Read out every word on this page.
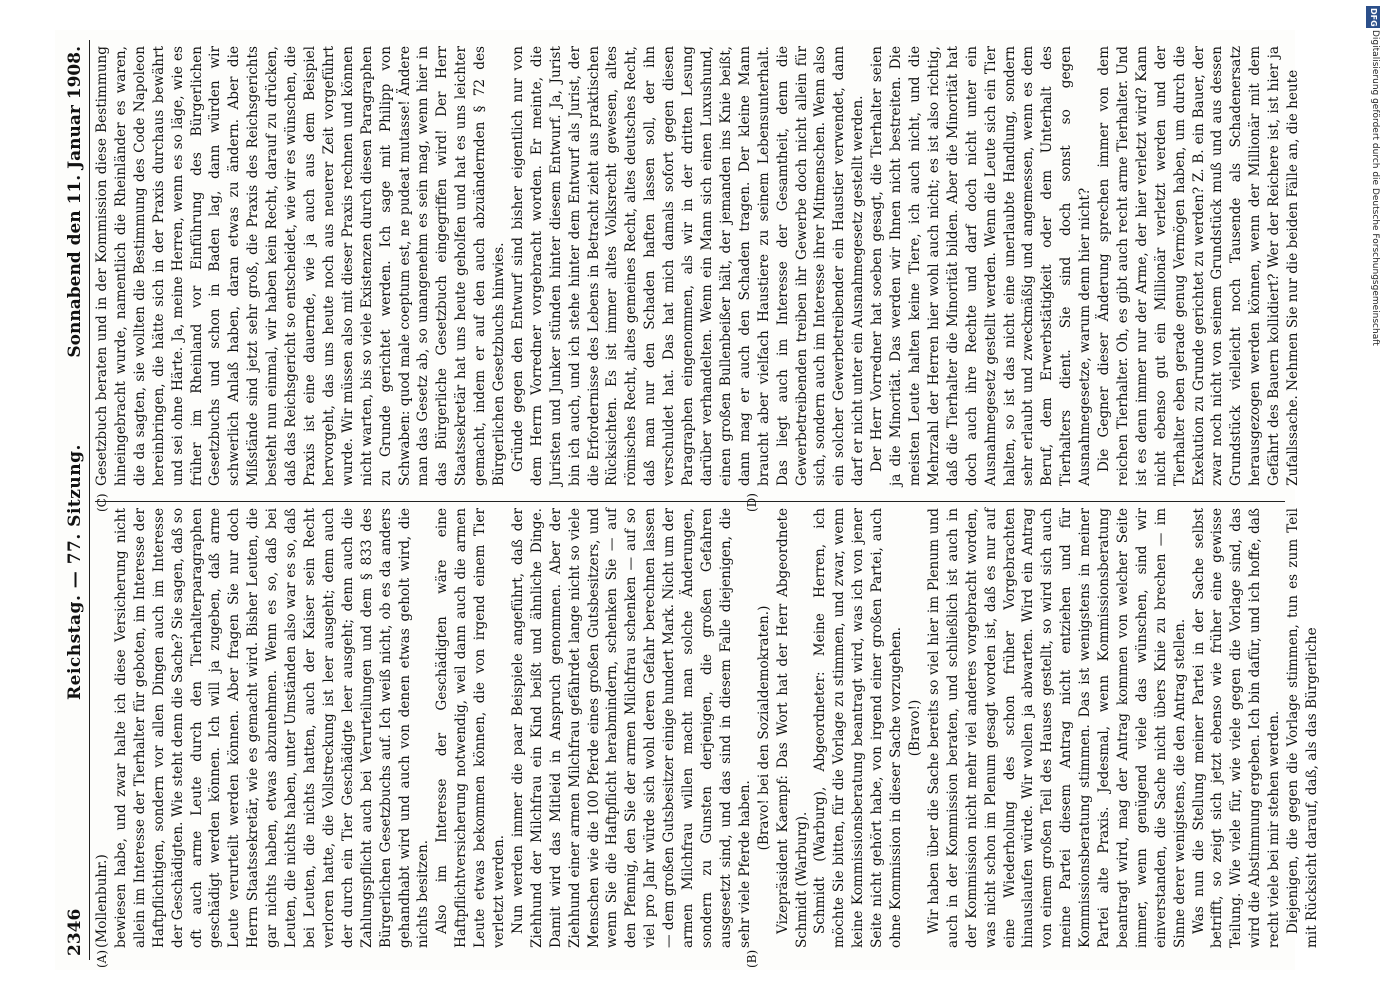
2346
Reichstag. — 77. Sitzung.
Sonnabend den 11. Januar 1908.
(A)	(B)
(C)	(D)

(Mollenbuhr.) bewiesen habe, und zwar halte ich diese Versicherung nicht allein im Interesse der Tierhalter für geboten, im Interesse der Haftpflichtigen, sondern vor allen Dingen auch im Interesse der Geschädigten. Wie steht denn die Sache? Sie sagen, daß so oft auch arme Leute durch den Tierhalterparagraphen geschädigt werden können. Ich will ja zugeben, daß arme Leute verurteilt werden können. Aber fragen Sie nur doch Herrn Staatssekretär, wie es gemacht wird. Bisher Leuten, die gar nichts haben, etwas abzunehmen. Wenn es so, daß bei Leuten, die nichts haben, unter Umständen also war es so, daß bei Leuten, die nichts hatten, auch der Kaiser sein Recht verloren hatte, die Vollstreckung ist leer ausgeht; denn auch der durch ein Tier Geschädigte leer ausgeht; denn auch die Zahlungspflicht auch bei Verurteilungen und dem § 833 des Bürgerlichen Gesetzbuchs auf. Ich weiß nicht, ob es da anders gehandhabt wird und auch von denen etwas geholt wird, die nichts besitzen. Also im Interesse der Geschädigten wäre eine Haftpflichtversicherung notwendig, weil dann auch die armen Leute etwas bekommen können, die von irgend einem Tier verletzt werden. Nun werden immer die paar Beispiele angeführt, daß der Ziehhund der Milchfrau ein Kind beißt und ähnliche Dinge. Damit wird das Mitleid in Anspruch genommen. Aber der Ziehhund einer armen Milchfrau gefährdet lange nicht so viele Menschen wie die 100 Pferde eines großen Gutsbesitzers, und wenn Sie die Haftpflicht herabmindern, schenken Sie — auf den Pfennig, den Sie der armen Milchfrau schenken — auf so viel pro Jahr würde sich wohl deren Gefahr berechnen lassen — dem großen Gutsbesitzer einige hundert Mark. Nicht um der armen Milchfrau willen macht man solche Änderungen, sondern zu Gunsten derjenigen, die großen Gefahren ausgesetzt sind, und das sind in diesem Falle diejenigen, die sehr viele Pferde haben.

(Bravo! bei den Sozialdemokraten.) Vizepräsident Kaempf: Das Wort hat der Herr Abgeordnete Schmidt (Warburg). Schmidt (Warburg), Abgeordneter: Meine Herren, ich möchte Sie bitten, für die Vorlage zu stimmen, und zwar, wenn keine Kommissionsberatung beantragt wird, was ich von jener Seite nicht gehört habe, von irgend einer großen Partei, auch ohne Kommission in dieser Sache vorzugehen. (Bravo!) Wir haben über die Sache bereits so viel hier im Plenum und auch in der Kommission beraten, und schließlich ist auch in der Kommission nicht mehr viel anderes vorgebracht worden, was nicht schon im Plenum gesagt worden ist, daß es nur auf eine Wiederholung des schon früher Vorgebrachten hinauslaufen würde. Wir wollen ja abwarten. Wird ein Antrag von einem großen Teil des Hauses gestellt, so wird sich auch meine Partei diesem Antrag nicht entziehen und für Kommissionsberatung stimmen. Das ist wenigstens in meiner Partei alte Praxis. Jedesmal, wenn Kommissionsberatung beantragt wird, mag der Antrag kommen von welcher Seite immer, wenn genügend viele das wünschen, sind wir einverstanden, die Sache nicht übers Knie zu brechen — im Sinne derer wenigstens, die den Antrag stellen. Was nun die Stellung meiner Partei in der Sache selbst betrifft, so zeigt sich jetzt ebenso wie früher eine gewisse Teilung. Wie viele für, wie viele gegen die Vorlage sind, das wird die Abstimmung ergeben. Ich bin dafür, und ich hoffe, daß recht viele bei mir stehen werden. Diejenigen, die gegen die Vorlage stimmen, tun es zum Teil mit Rücksicht darauf, daß, als das Bürgerliche

Gesetzbuch beraten und in der Kommission diese Bestimmung hineingebracht wurde, namentlich die Rheinländer es waren, die da sagten, sie wollten die Bestimmung des Code Napoleon hereinbringen, die hätte sich in der Praxis durchaus bewährt und sei ohne Härte. Ja, meine Herren, wenn es so läge, wie es früher im Rheinland vor Einführung des Bürgerlichen Gesetzbuchs und schon in Baden lag, dann würden wir schwerlich Anlaß haben, daran etwas zu ändern. Aber die Mißstände sind jetzt sehr groß, die Praxis des Reichsgerichts besteht nun einmal, wir haben kein Recht, darauf zu drücken, daß das Reichsgericht so entscheidet, wie wir es wünschen, die Praxis ist eine dauernde, wie ja auch aus dem Beispiel hervorgeht, das uns heute noch aus neuerer Zeit vorgeführt wurde. Wir müssen also mit dieser Praxis rechnen und können nicht warten, bis so viele Existenzen durch diesen Paragraphen zu Grunde gerichtet werden. Ich sage mit Philipp von Schwaben: quod male coeptum est, ne pudeat mutasse! Ändere man das Gesetz ab, so unangenehm es sein mag, wenn hier in das Bürgerliche Gesetzbuch eingegriffen wird! Der Herr Staatssekretär hat uns heute geholfen und hat es uns leichter gemacht, indem er auf den auch abzuändernden § 72 des Bürgerlichen Gesetzbuchs hinwies. Gründe gegen den Entwurf sind bisher eigentlich nur von dem Herrn Vorredner vorgebracht worden. Er meinte, die Juristen und Junker stünden hinter diesem Entwurf. Ja, Jurist bin ich auch, und ich stehe hinter dem Entwurf als Jurist, der die Erfordernisse des Lebens in Betracht zieht aus praktischen Rücksichten. Es ist immer altes Volksrecht gewesen, altes römisches Recht, altes gemeines Recht, altes deutsches Recht, daß man nur den Schaden haften lassen soll, der ihn verschuldet hat. Das hat mich damals sofort gegen diesen Paragraphen eingenommen, als wir in der dritten Lesung darüber verhandelten. Wenn ein Mann sich einen Luxushund, einen großen Bullenbeißer hält, der jemanden ins Knie beißt, dann mag er auch den Schaden tragen. Der kleine Mann braucht aber vielfach Haustiere zu seinem Lebensunterhalt. Das liegt auch im Interesse der Gesamtheit, denn die Gewerbetreibenden treiben ihr Gewerbe doch nicht allein für sich, sondern auch im Interesse ihrer Mitmenschen. Wenn also ein solcher Gewerbetreibender ein Haustier verwendet, dann darf er nicht unter ein Ausnahmegesetz gestellt werden. Der Herr Vorredner hat soeben gesagt, die Tierhalter seien ja die Minorität. Das werden wir Ihnen nicht bestreiten. Die meisten Leute halten keine Tiere, ich auch nicht, und die Mehrzahl der Herren hier wohl auch nicht; es ist also richtig, daß die Tierhalter die Minorität bilden. Aber die Minorität hat doch auch ihre Rechte und darf doch nicht unter ein Ausnahmegesetz gestellt werden. Wenn die Leute sich ein Tier halten, so ist das nicht eine unerlaubte Handlung, sondern sehr erlaubt und zweckmäßig und angemessen, wenn es dem Beruf, dem Erwerbstätigkeit oder dem Unterhalt des Tierhalters dient. Sie sind doch sonst so gegen Ausnahmegesetze, warum denn hier nicht? Die Gegner dieser Änderung sprechen immer von dem reichen Tierhalter. Oh, es gibt auch recht arme Tierhalter. Und ist es denn immer nur der Arme, der hier verletzt wird? Kann nicht ebenso gut ein Millionär verletzt werden und der Tierhalter eben gerade genug Vermögen haben, um durch die Exekution zu Grunde gerichtet zu werden? Z. B. ein Bauer, der zwar noch nicht von seinem Grundstück muß und aus dessen Grundstück vielleicht noch Tausende als Schadenersatz herausgezogen werden können, wenn der Millionär mit dem Gefährt des Bauern kollidiert? Wer der Reichere ist, ist hier ja Zufallssache. Nehmen Sie nur die beiden Fälle an, die heute

DFG
Digitalisierung gefördert durch die Deutsche Forschungsgemeinschaft
